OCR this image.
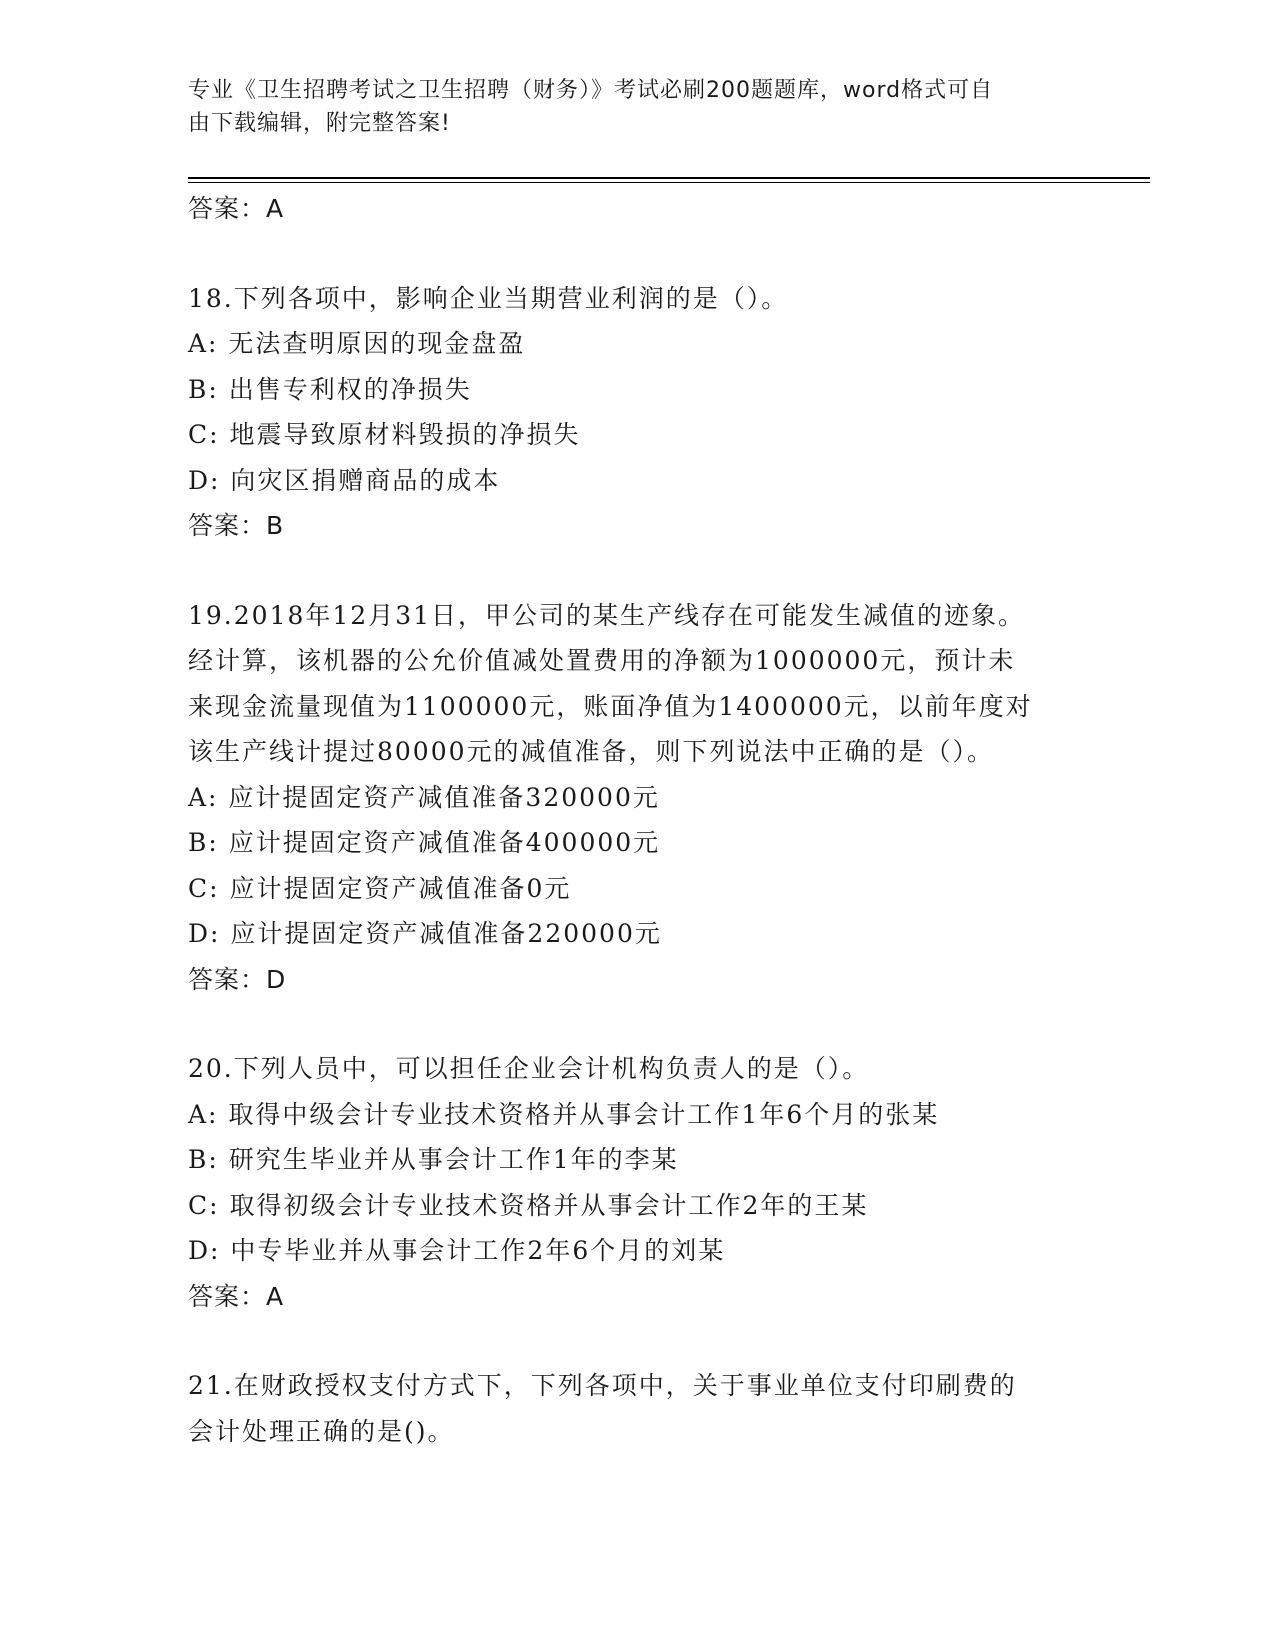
专业《卫生招聘考试之卫生招聘（财务）》考试必刷200题题库，word格式可自
由下载编辑，附完整答案!
答案：A
18.下列各项中，影响企业当期营业利润的是（）。
A: 无法查明原因的现金盘盈
B: 出售专利权的净损失
C: 地震导致原材料毁损的净损失
D: 向灾区捐赠商品的成本
答案：B
19.2018年12月31日，甲公司的某生产线存在可能发生减值的迹象。
经计算，该机器的公允价值减处置费用的净额为1000000元，预计未
来现金流量现值为1100000元，账面净值为1400000元，以前年度对
该生产线计提过80000元的减值准备，则下列说法中正确的是（）。
A: 应计提固定资产减值准备320000元
B: 应计提固定资产减值准备400000元
C: 应计提固定资产减值准备0元
D: 应计提固定资产减值准备220000元
答案：D
20.下列人员中，可以担任企业会计机构负责人的是（）。
A: 取得中级会计专业技术资格并从事会计工作1年6个月的张某
B: 研究生毕业并从事会计工作1年的李某
C: 取得初级会计专业技术资格并从事会计工作2年的王某
D: 中专毕业并从事会计工作2年6个月的刘某
答案：A
21.在财政授权支付方式下，下列各项中，关于事业单位支付印刷费的
会计处理正确的是()。
